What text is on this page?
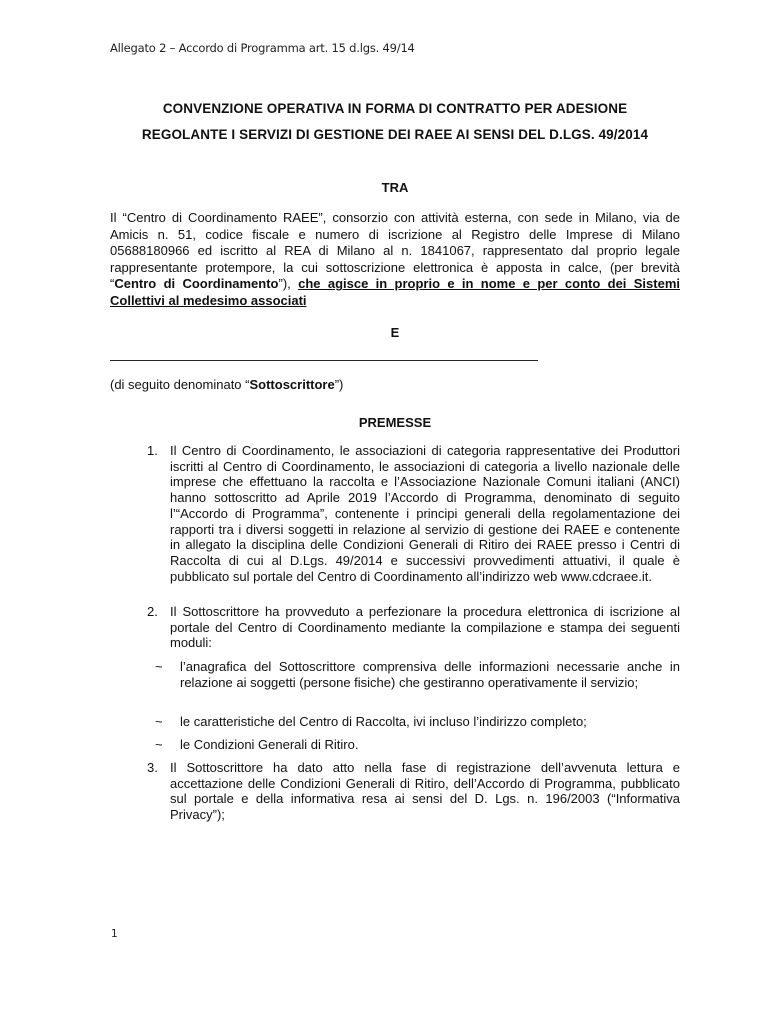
Allegato 2 – Accordo di Programma art. 15 d.lgs. 49/14
CONVENZIONE OPERATIVA IN FORMA DI CONTRATTO PER ADESIONE
REGOLANTE I SERVIZI DI GESTIONE DEI RAEE AI SENSI DEL D.LGS. 49/2014
TRA
Il “Centro di Coordinamento RAEE”, consorzio con attività esterna, con sede in Milano, via de Amicis n. 51, codice fiscale e numero di iscrizione al Registro delle Imprese di Milano 05688180966 ed iscritto al REA di Milano al n. 1841067, rappresentato dal proprio legale rappresentante protempore, la cui sottoscrizione elettronica è apposta in calce, (per brevità “Centro di Coordinamento”), che agisce in proprio e in nome e per conto dei Sistemi Collettivi al medesimo associati
E
(di seguito denominato “Sottoscrittore”)
PREMESSE
1. Il Centro di Coordinamento, le associazioni di categoria rappresentative dei Produttori iscritti al Centro di Coordinamento, le associazioni di categoria a livello nazionale delle imprese che effettuano la raccolta e l’Associazione Nazionale Comuni italiani (ANCI) hanno sottoscritto ad Aprile 2019 l’Accordo di Programma, denominato di seguito l’“Accordo di Programma”, contenente i principi generali della regolamentazione dei rapporti tra i diversi soggetti in relazione al servizio di gestione dei RAEE e contenente in allegato la disciplina delle Condizioni Generali di Ritiro dei RAEE presso i Centri di Raccolta di cui al D.Lgs. 49/2014 e successivi provvedimenti attuativi, il quale è pubblicato sul portale del Centro di Coordinamento all’indirizzo web www.cdcraee.it.
2. Il Sottoscrittore ha provveduto a perfezionare la procedura elettronica di iscrizione al portale del Centro di Coordinamento mediante la compilazione e stampa dei seguenti moduli:
~ l’anagrafica del Sottoscrittore comprensiva delle informazioni necessarie anche in relazione ai soggetti (persone fisiche) che gestiranno operativamente il servizio;
~ le caratteristiche del Centro di Raccolta, ivi incluso l’indirizzo completo;
~ le Condizioni Generali di Ritiro.
3. Il Sottoscrittore ha dato atto nella fase di registrazione dell’avvenuta lettura e accettazione delle Condizioni Generali di Ritiro, dell’Accordo di Programma, pubblicato sul portale e della informativa resa ai sensi del D. Lgs. n. 196/2003 (“Informativa Privacy”);
1
